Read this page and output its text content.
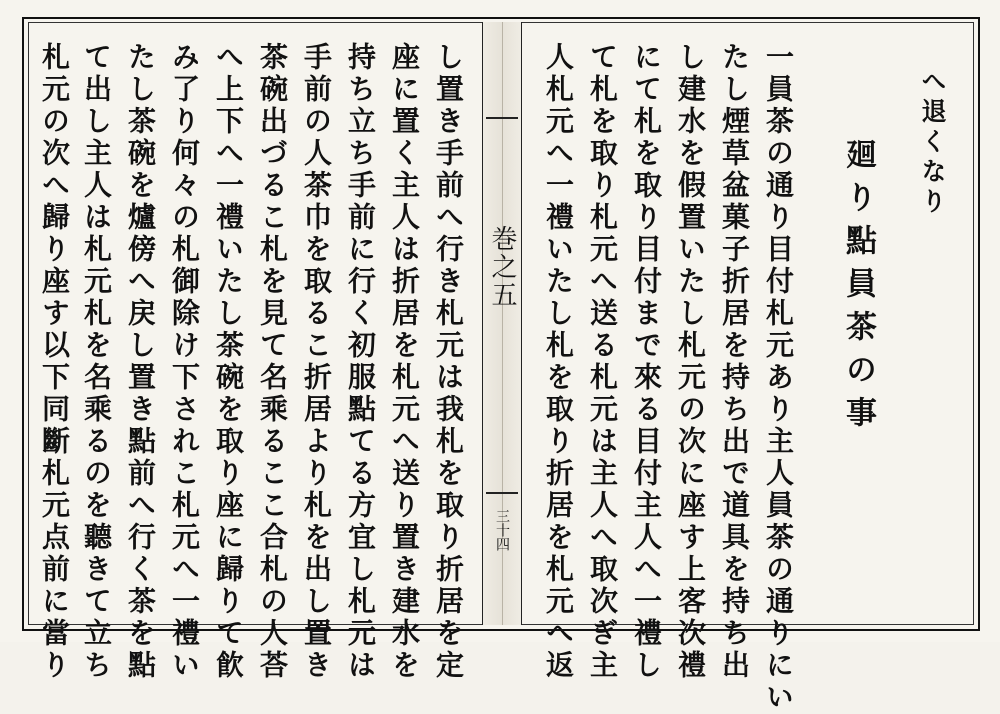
巻之五
三十四
へ退くなり
廻り點員茶の事
一員茶の通り目付札元あり主人員茶の通りにい
たし煙草盆菓子折居を持ち出で道具を持ち出
し建水を假置いたし札元の次に座す上客次禮
にて札を取り目付まで來る目付主人へ一禮し
て札を取り札元へ送る札元は主人へ取次ぎ主
人札元へ一禮いたし札を取り折居を札元へ返
し置き手前へ行き札元は我札を取り折居を定
座に置く主人は折居を札元へ送り置き建水を
持ち立ち手前に行く初服點てる方宜し札元は
手前の人茶巾を取るこ折居より札を出し置き
茶碗出づるこ札を見て名乘るここ合札の人荅
へ上下へ一禮いたし茶碗を取り座に歸りて飮
み了り何々の札御除け下されこ札元へ一禮い
たし茶碗を爐傍へ戻し置き點前へ行く茶を點
て出し主人は札元札を名乘るのを聽きて立ち
札元の次へ歸り座す以下同斷札元点前に當り
